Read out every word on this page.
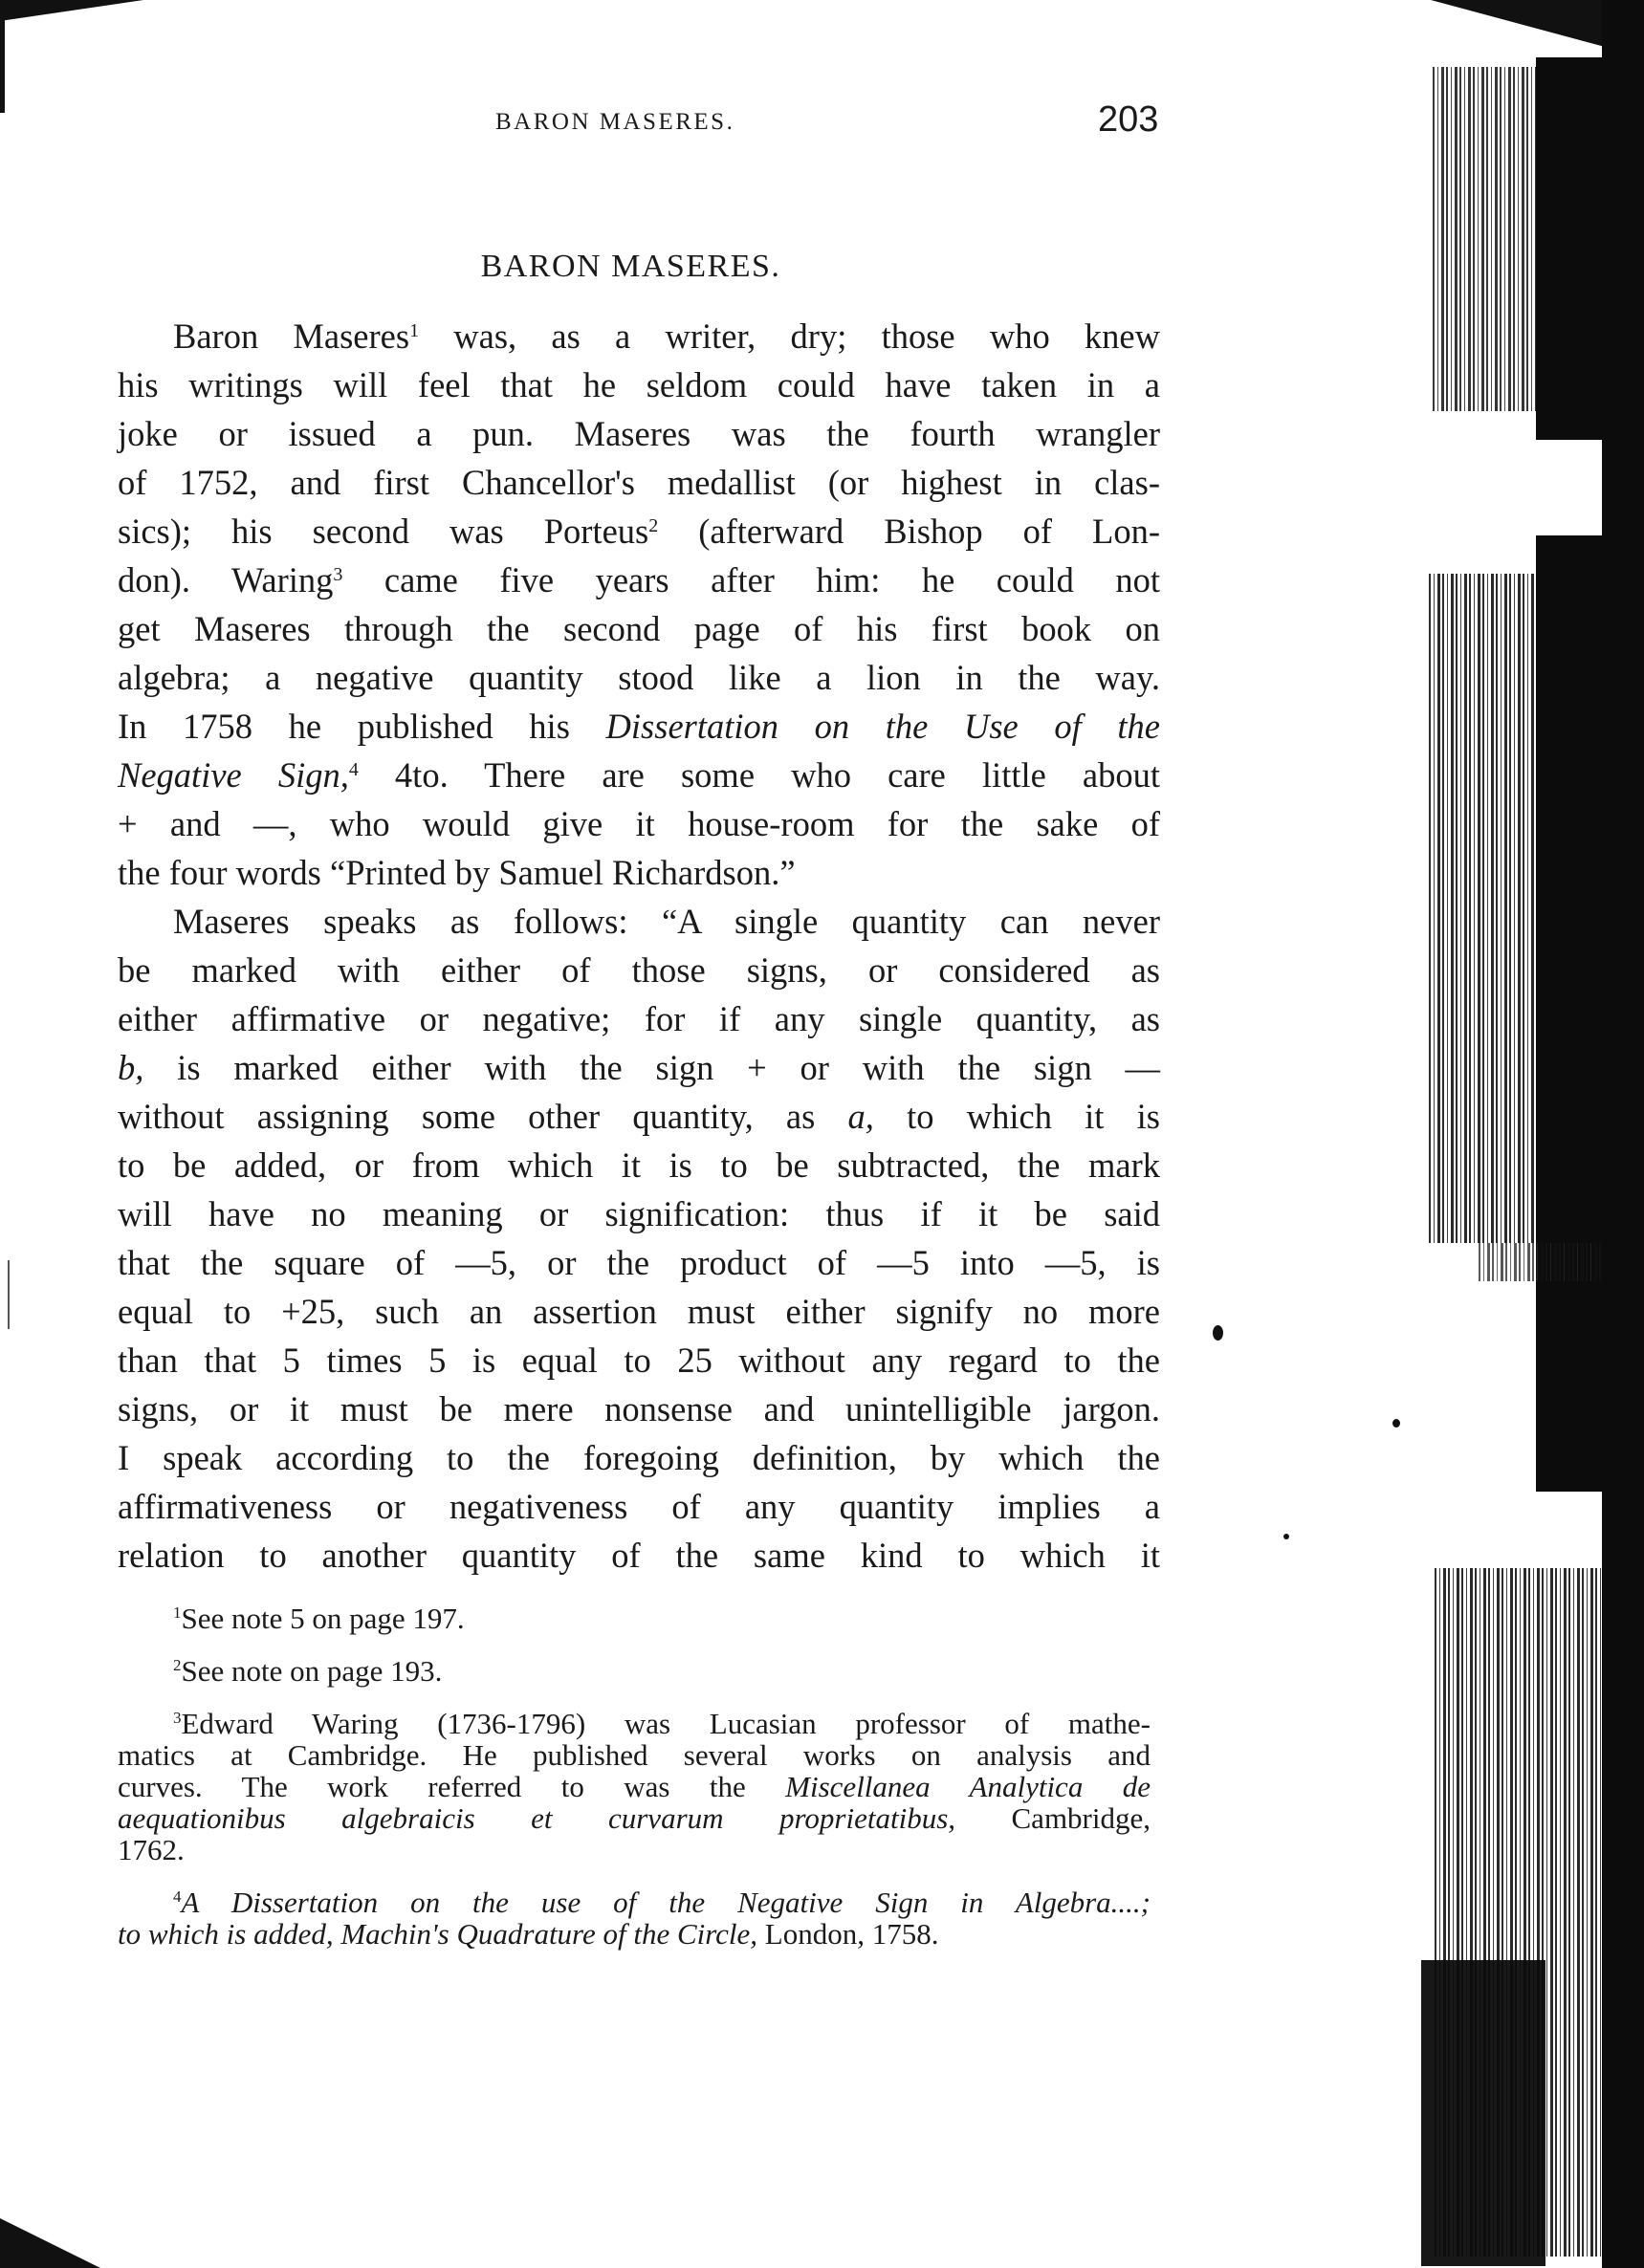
BARON MASERES.	203
BARON MASERES.
Baron Maseres$^1$ was, as a writer, dry; those who knew
his writings will feel that he seldom could have taken in a
joke or issued a pun. Maseres was the fourth wrangler
of 1752, and first Chancellor's medallist (or highest in clas-
sics); his second was Porteus$^2$ (afterward Bishop of Lon-
don). Waring$^3$ came five years after him: he could not
get Maseres through the second page of his first book on
algebra; a negative quantity stood like a lion in the way.
In 1758 he published his Dissertation on the Use of the
Negative Sign,$^4$ 4to. There are some who care little about
+ and —, who would give it house-room for the sake of
the four words “Printed by Samuel Richardson.”
Maseres speaks as follows: “A single quantity can never
be marked with either of those signs, or considered as
either affirmative or negative; for if any single quantity, as
b, is marked either with the sign + or with the sign —
without assigning some other quantity, as a, to which it is
to be added, or from which it is to be subtracted, the mark
will have no meaning or signification: thus if it be said
that the square of —5, or the product of —5 into —5, is
equal to +25, such an assertion must either signify no more
than that 5 times 5 is equal to 25 without any regard to the
signs, or it must be mere nonsense and unintelligible jargon.
I speak according to the foregoing definition, by which the
affirmativeness or negativeness of any quantity implies a
relation to another quantity of the same kind to which it
$^1$See note 5 on page 197.
$^2$See note on page 193.
$^3$Edward Waring (1736-1796) was Lucasian professor of mathe-
matics at Cambridge. He published several works on analysis and
curves. The work referred to was the Miscellanea Analytica de
aequationibus algebraicis et curvarum proprietatibus, Cambridge,
1762.
$^4$A Dissertation on the use of the Negative Sign in Algebra....;
to which is added, Machin's Quadrature of the Circle, London, 1758.
